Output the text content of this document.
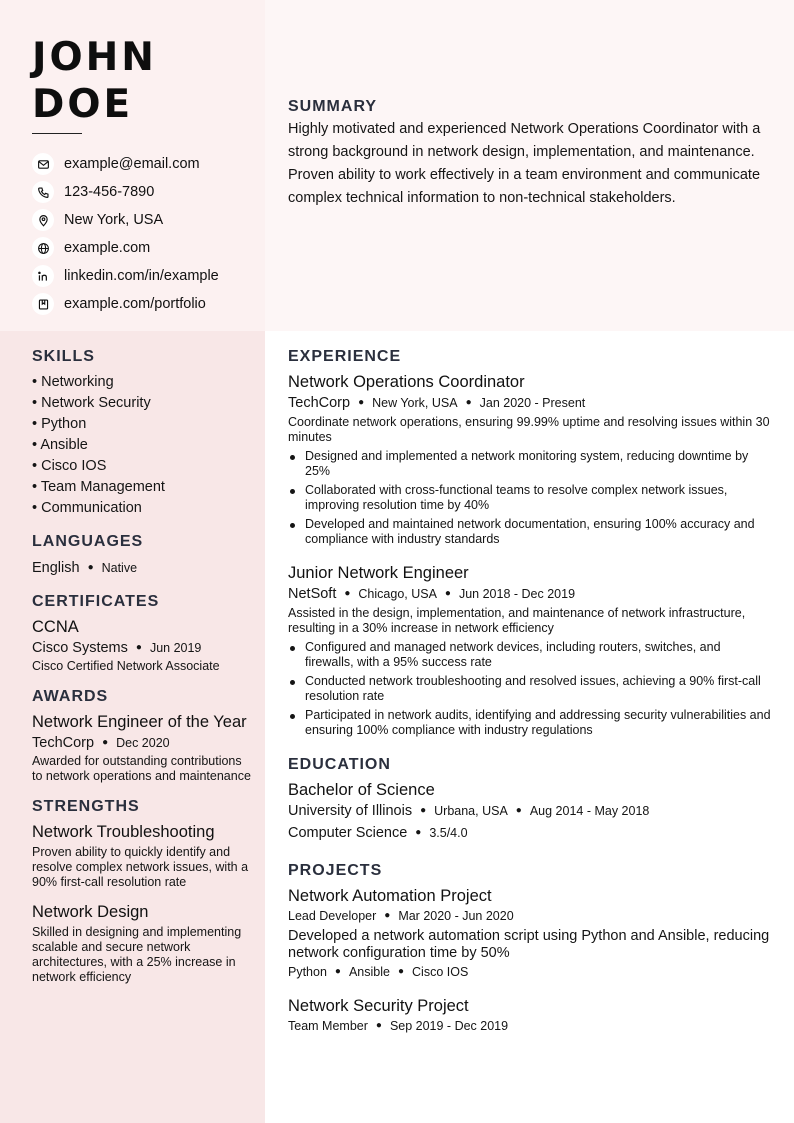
JOHN
DOE
example@email.com
123-456-7890
New York, USA
example.com
linkedin.com/in/example
example.com/portfolio
SUMMARY
Highly motivated and experienced Network Operations Coordinator with a strong background in network design, implementation, and maintenance. Proven ability to work effectively in a team environment and communicate complex technical information to non-technical stakeholders.
SKILLS
• Networking
• Network Security
• Python
• Ansible
• Cisco IOS
• Team Management
• Communication
LANGUAGES
English ● Native
CERTIFICATES
CCNA
Cisco Systems ● Jun 2019
Cisco Certified Network Associate
AWARDS
Network Engineer of the Year
TechCorp ● Dec 2020
Awarded for outstanding contributions to network operations and maintenance
STRENGTHS
Network Troubleshooting
Proven ability to quickly identify and resolve complex network issues, with a 90% first-call resolution rate
Network Design
Skilled in designing and implementing scalable and secure network architectures, with a 25% increase in network efficiency
EXPERIENCE
Network Operations Coordinator
TechCorp ● New York, USA ● Jan 2020 - Present
Coordinate network operations, ensuring 99.99% uptime and resolving issues within 30 minutes
Designed and implemented a network monitoring system, reducing downtime by 25%
Collaborated with cross-functional teams to resolve complex network issues, improving resolution time by 40%
Developed and maintained network documentation, ensuring 100% accuracy and compliance with industry standards
Junior Network Engineer
NetSoft ● Chicago, USA ● Jun 2018 - Dec 2019
Assisted in the design, implementation, and maintenance of network infrastructure, resulting in a 30% increase in network efficiency
Configured and managed network devices, including routers, switches, and firewalls, with a 95% success rate
Conducted network troubleshooting and resolved issues, achieving a 90% first-call resolution rate
Participated in network audits, identifying and addressing security vulnerabilities and ensuring 100% compliance with industry regulations
EDUCATION
Bachelor of Science
University of Illinois ● Urbana, USA ● Aug 2014 - May 2018
Computer Science ● 3.5/4.0
PROJECTS
Network Automation Project
Lead Developer ● Mar 2020 - Jun 2020
Developed a network automation script using Python and Ansible, reducing network configuration time by 50%
Python ● Ansible ● Cisco IOS
Network Security Project
Team Member ● Sep 2019 - Dec 2019
